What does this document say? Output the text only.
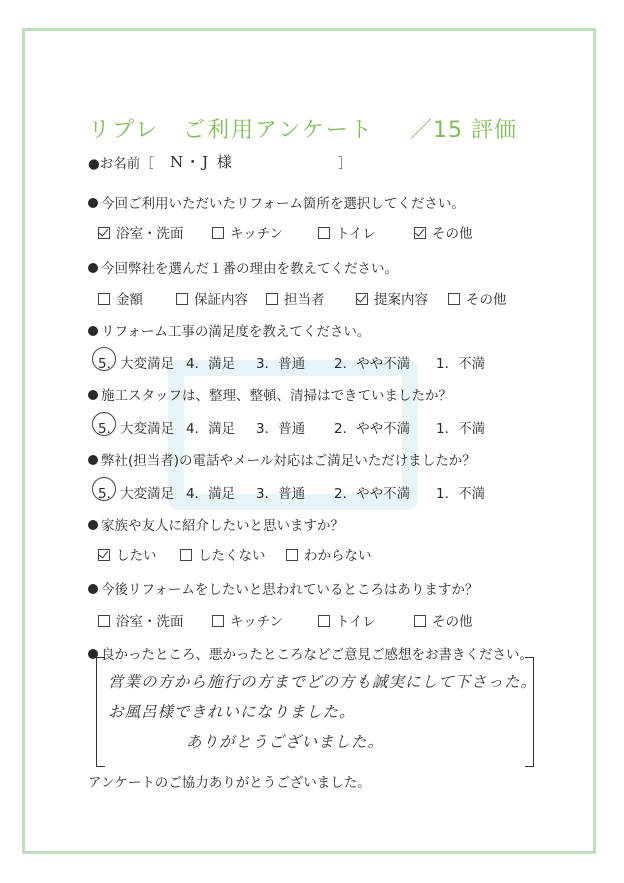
リプレ　ご利用アンケート ／15 評価
●お名前［ N・J 様	］
今回ご利用いただいたリフォーム箇所を選択してください。
浴室・洗面	キッチン	トイレ	その他
今回弊社を選んだ１番の理由を教えてください。
金額	保証内容	担当者	提案内容	その他
リフォーム工事の満足度を教えてください。
5．大変満足 4．満足 3．普通 2．やや不満 1．不満
施工スタッフは、整理、整頓、清掃はできていましたか？
5．大変満足 4．満足 3．普通 2．やや不満 1．不満
弊社(担当者)の電話やメール対応はご満足いただけましたか？
5．大変満足 4．満足 3．普通 2．やや不満 1．不満
家族や友人に紹介したいと思いますか？
したい	したくない	わからない
今後リフォームをしたいと思われているところはありますか？
浴室・洗面	キッチン	トイレ	その他
良かったところ、悪かったところなどご意見ご感想をお書きください。
営業の方から施行の方までどの方も誠実にして下さった。
お風呂様できれいになりました。
ありがとうございました。
アンケートのご協力ありがとうございました。
